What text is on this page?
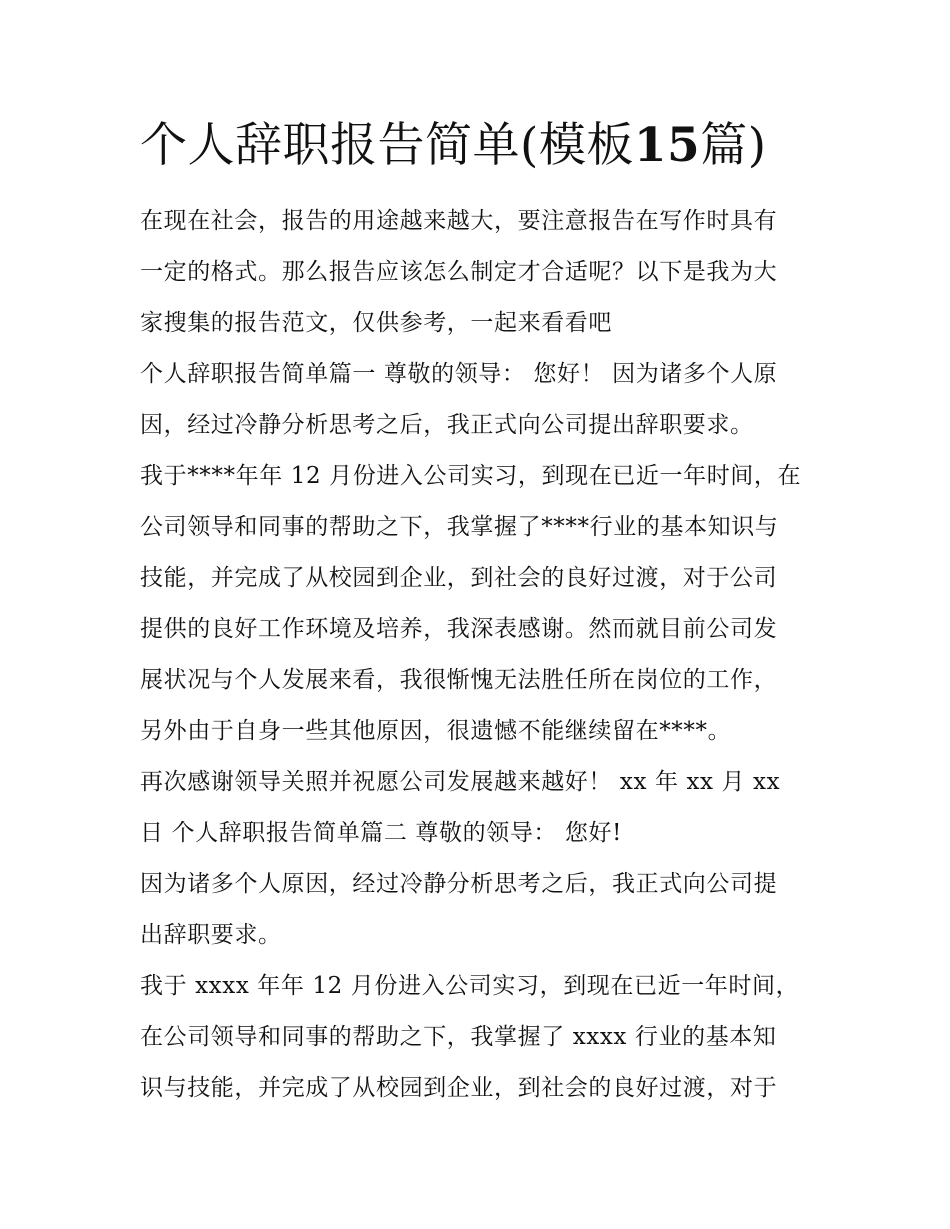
个人辞职报告简单(模板15篇)
在现在社会，报告的用途越来越大，要注意报告在写作时具有
一定的格式。那么报告应该怎么制定才合适呢？以下是我为大
家搜集的报告范文，仅供参考，一起来看看吧
个人辞职报告简单篇一 尊敬的领导： 您好！ 因为诸多个人原
因，经过冷静分析思考之后，我正式向公司提出辞职要求。
我于****年年 12 月份进入公司实习，到现在已近一年时间，在
公司领导和同事的帮助之下，我掌握了****行业的基本知识与
技能，并完成了从校园到企业，到社会的良好过渡，对于公司
提供的良好工作环境及培养，我深表感谢。然而就目前公司发
展状况与个人发展来看，我很惭愧无法胜任所在岗位的工作，
另外由于自身一些其他原因，很遗憾不能继续留在****。
再次感谢领导关照并祝愿公司发展越来越好！ xx 年 xx 月 xx
日 个人辞职报告简单篇二 尊敬的领导： 您好!
因为诸多个人原因，经过冷静分析思考之后，我正式向公司提
出辞职要求。
我于 xxxx 年年 12 月份进入公司实习，到现在已近一年时间，
在公司领导和同事的帮助之下，我掌握了 xxxx 行业的基本知
识与技能，并完成了从校园到企业，到社会的良好过渡，对于
